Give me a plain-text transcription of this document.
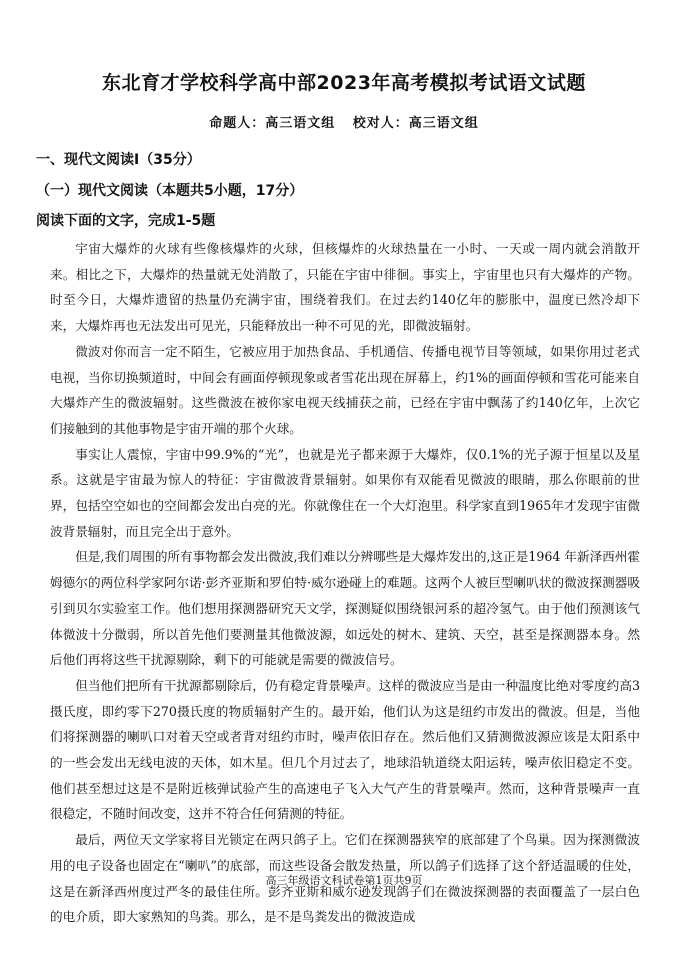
东北育才学校科学高中部2023年高考模拟考试语文试题
命题人：高三语文组 校对人：高三语文组
一、现代文阅读Ⅰ（35分）
（一）现代文阅读（本题共5小题，17分）
阅读下面的文字，完成1-5题

宇宙大爆炸的火球有些像核爆炸的火球，但核爆炸的火球热量在一小时、一天或一周内就会消散开来。相比之下，大爆炸的热量就无处消散了，只能在宇宙中徘徊。事实上，宇宙里也只有大爆炸的产物。时至今日，大爆炸遗留的热量仍充满宇宙，围绕着我们。在过去约140亿年的膨胀中，温度已然冷却下来，大爆炸再也无法发出可见光，只能释放出一种不可见的光，即微波辐射。

微波对你而言一定不陌生，它被应用于加热食品、手机通信、传播电视节目等领域，如果你用过老式电视，当你切换频道时，中间会有画面停顿现象或者雪花出现在屏幕上，约1%的画面停顿和雪花可能来自大爆炸产生的微波辐射。这些微波在被你家电视天线捕获之前，已经在宇宙中飘荡了约140亿年，上次它们接触到的其他事物是宇宙开端的那个火球。

事实让人震惊，宇宙中99.9%的“光”，也就是光子都来源于大爆炸，仅0.1%的光子源于恒星以及星系。这就是宇宙最为惊人的特征：宇宙微波背景辐射。如果你有双能看见微波的眼睛，那么你眼前的世界，包括空空如也的空间都会发出白亮的光。你就像住在一个大灯泡里。科学家直到1965年才发现宇宙微波背景辐射，而且完全出于意外。

但是,我们周围的所有事物都会发出微波,我们难以分辨哪些是大爆炸发出的,这正是1964 年新泽西州霍姆德尔的两位科学家阿尔诺·彭齐亚斯和罗伯特·威尔逊碰上的难题。这两个人被巨型喇叭状的微波探测器吸引到贝尔实验室工作。他们想用探测器研究天文学，探测疑似围绕银河系的超冷氢气。由于他们预测该气体微波十分微弱，所以首先他们要测量其他微波源，如远处的树木、建筑、天空，甚至是探测器本身。然后他们再将这些干扰源剔除，剩下的可能就是需要的微波信号。

但当他们把所有干扰源都剔除后，仍有稳定背景噪声。这样的微波应当是由一种温度比绝对零度约高3摄氏度，即约零下270摄氏度的物质辐射产生的。最开始，他们认为这是纽约市发出的微波。但是，当他们将探测器的喇叭口对着天空或者背对纽约市时，噪声依旧存在。然后他们又猜测微波源应该是太阳系中的一些会发出无线电波的天体，如木星。但几个月过去了，地球沿轨道绕太阳运转，噪声依旧稳定不变。他们甚至想过这是不是附近核弹试验产生的高速电子飞入大气产生的背景噪声。然而，这种背景噪声一直很稳定，不随时间改变，这并不符合任何猜测的特征。

最后，两位天文学家将目光锁定在两只鸽子上。它们在探测器狭窄的底部建了个鸟巢。因为探测微波用的电子设备也固定在“喇叭”的底部，而这些设备会散发热量，所以鸽子们选择了这个舒适温暖的住处，这是在新泽西州度过严冬的最佳住所。彭齐亚斯和威尔逊发现鸽子们在微波探测器的表面覆盖了一层白色的电介质，即大家熟知的鸟粪。那么，是不是鸟粪发出的微波造成

高三年级语文科试卷第1页共9页
